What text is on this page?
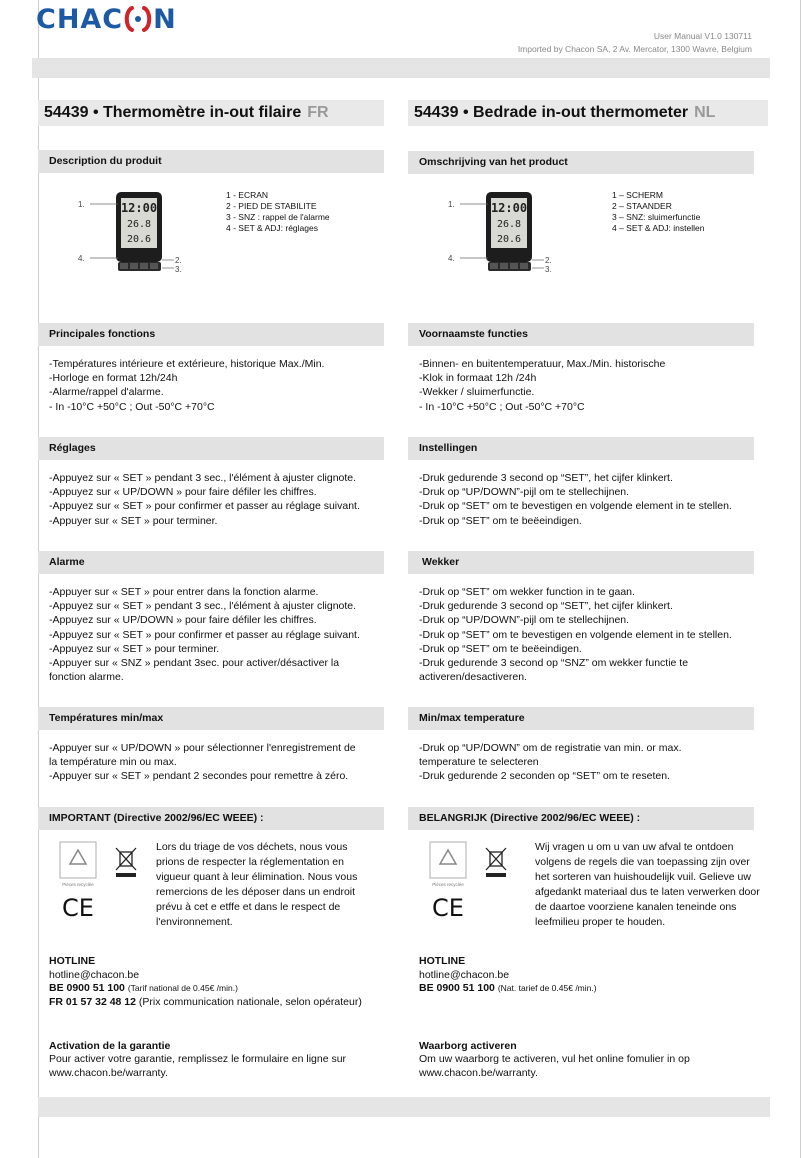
CHAC N
User Manual V1.0 130711
Imported by Chacon SA, 2 Av. Mercator, 1300 Wavre, Belgium
54439 • Thermomètre in-out filaire FR
Description du produit
12:00
26.8
20.6
1.
2.
3.
4.
1 - ECRAN
2 - PIED DE STABILITE
3 - SNZ : rappel de l'alarme
4 - SET & ADJ: réglages
Principales fonctions
-Températures intérieure et extérieure, historique Max./Min.
-Horloge en format 12h/24h
-Alarme/rappel d'alarme.
- In -10°C +50°C ; Out -50°C +70°C
Réglages
-Appuyez sur « SET » pendant 3 sec., l'élément à ajuster clignote.
-Appuyez sur « UP/DOWN » pour faire défiler les chiffres.
-Appuyez sur « SET » pour confirmer et passer au réglage suivant.
-Appuyer sur « SET » pour terminer.
Alarme
-Appuyer sur « SET » pour entrer dans la fonction alarme.
-Appuyez sur « SET » pendant 3 sec., l'élément à ajuster clignote.
-Appuyez sur « UP/DOWN » pour faire défiler les chiffres.
-Appuyez sur « SET » pour confirmer et passer au réglage suivant.
-Appuyez sur « SET » pour terminer.
-Appuyer sur « SNZ » pendant 3sec. pour activer/désactiver la
fonction alarme.
Températures min/max
-Appuyer sur « UP/DOWN » pour sélectionner l'enregistrement de
la température min ou max.
-Appuyer sur « SET » pendant 2 secondes pour remettre à zéro.
IMPORTANT (Directive 2002/96/EC WEEE) :
Pièces recyclée
CE
Lors du triage de vos déchets, nous vous prions de respecter la réglementation en vigueur quant à leur élimination. Nous vous remercions de les déposer dans un endroit prévu à cet e etffe et dans le respect de l'environnement.
HOTLINE
hotline@chacon.be
BE 0900 51 100 (Tarif national de 0.45€ /min.)
FR 01 57 32 48 12 (Prix communication nationale, selon opérateur)

Activation de la garantie

Pour activer votre garantie, remplissez le formulaire en ligne sur
www.chacon.be/warranty.

54439 • Bedrade in-out thermometer NL
Omschrijving van het product
12:00
26.8
20.6
1.
2.
3.
4.
1 – SCHERM
2 – STAANDER
3 – SNZ: sluimerfunctie
4 – SET & ADJ: instellen
Voornaamste functies
-Binnen- en buitentemperatuur, Max./Min. historische
-Klok in formaat 12h /24h
-Wekker / sluimerfunctie.
- In -10°C +50°C ; Out -50°C +70°C
Instellingen
-Druk gedurende 3 second op “SET”, het cijfer klinkert.
-Druk op “UP/DOWN”-pijl om te stellechijnen.
-Druk op “SET” om te bevestigen en volgende element in te stellen.
-Druk op “SET” om te beëeindigen.
Wekker
-Druk op “SET” om wekker function in te gaan.
-Druk gedurende 3 second op “SET”, het cijfer klinkert.
-Druk op “UP/DOWN”-pijl om te stellechijnen.
-Druk op “SET” om te bevestigen en volgende element in te stellen.
-Druk op “SET” om te beëeindigen.
-Druk gedurende 3 second op “SNZ” om wekker functie te
activeren/desactiveren.
Min/max temperature
-Druk op “UP/DOWN” om de registratie van min. or max.
temperature te selecteren
-Druk gedurende 2 seconden op “SET” om te reseten.
BELANGRIJK (Directive 2002/96/EC WEEE) :
Pièces recyclée
CE
Wij vragen u om u van uw afval te ontdoen volgens de regels die van toepassing zijn over het sorteren van huishoudelijk vuil. Gelieve uw afgedankt materiaal dus te laten verwerken door de daartoe voorziene kanalen teneinde ons leefmilieu proper te houden.
HOTLINE
hotline@chacon.be
BE 0900 51 100 (Nat. tarief de 0.45€ /min.)

Waarborg activeren

Om uw waarborg te activeren, vul het online fomulier in op
www.chacon.be/warranty.
